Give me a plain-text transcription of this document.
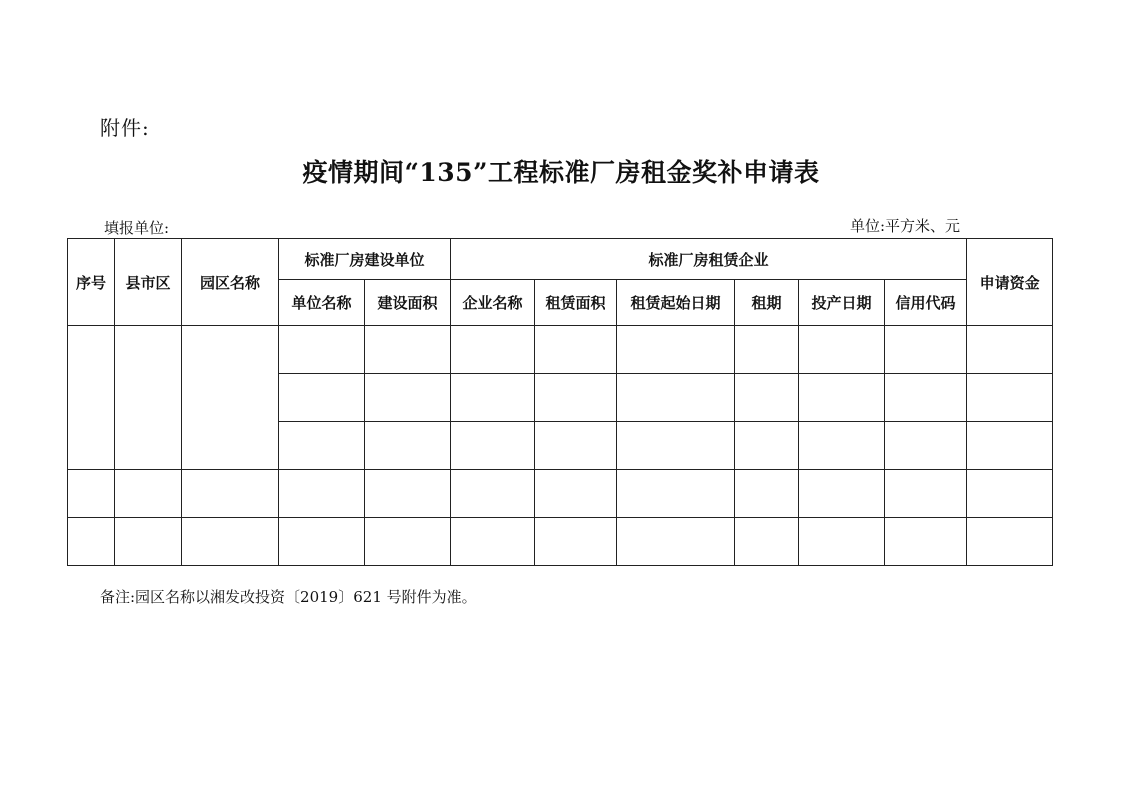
附件:
疫情期间“135”工程标准厂房租金奖补申请表
填报单位:	单位:平方米、元
序号	县市区	园区名称	标准厂房建设单位		标准厂房租赁企业						申请资金
			单位名称	建设面积	企业名称	租赁面积	租赁起始日期	租期	投产日期	信用代码	

备注:园区名称以湘发改投资〔2019〕621 号附件为准。
